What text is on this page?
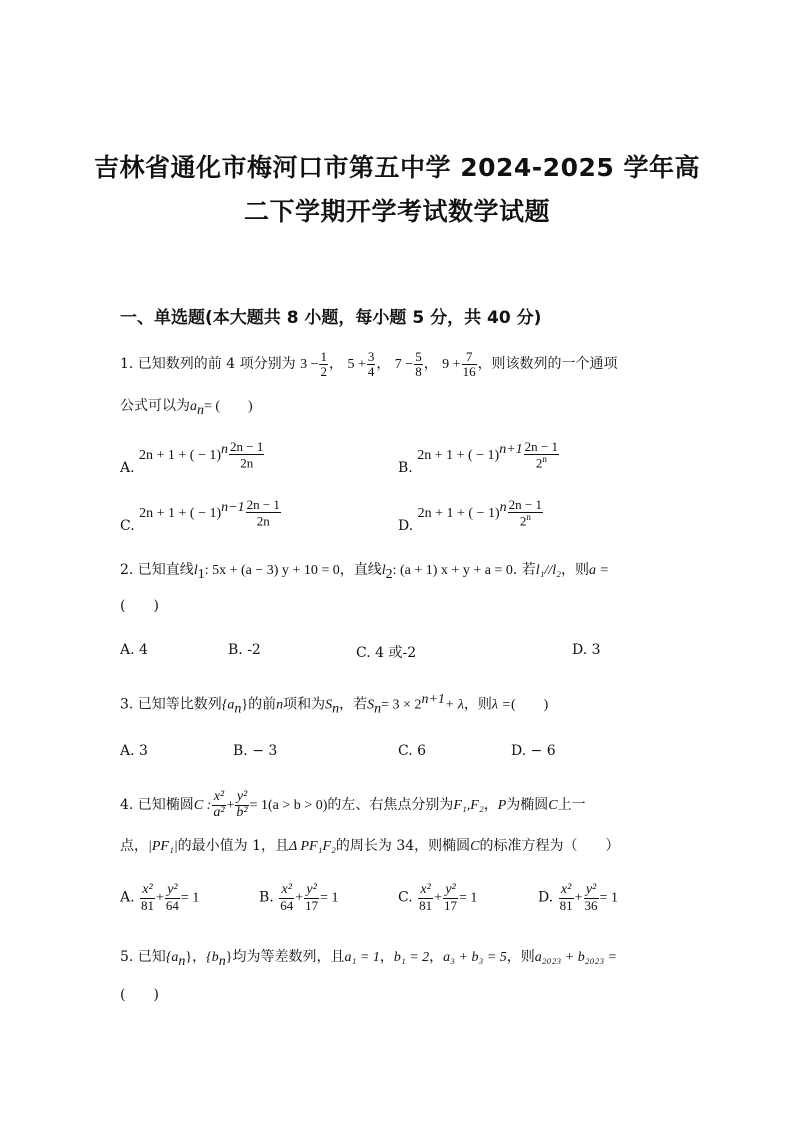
吉林省通化市梅河口市第五中学 2024-2025 学年高
二下学期开学考试数学试题
一、单选题(本大题共 8 小题，每小题 5 分，共 40 分)
1. 已知数列的前 4 项分别为 $3 - \frac{1}{2}$ ， $5 + \frac{3}{4}$ ， $7 - \frac{5}{8}$ ， $9 + \frac{7}{16}$ ，则该数列的一个通项
公式可以为$a_n=$ (　　)
A. 2n + 1 + ( − $1)^n \frac{2n - 1}{2n}$	B. 2n + 1 + ( − $1)^{n+1} \frac{2n - 1}{2^n}$
C. 2n + 1 + ( − $1)^{n-1} \frac{2n - 1}{2n}$	D. 2n + 1 + ( − $1)^n \frac{2n - 1}{2^n}$
2. 已知直线$l_1$: 5x + (a − 3) y + 10 = 0，直线$l_2$: (a + 1) x + y + a = 0. 若l₁//l₂，则a =
(　　)
A. 4	B. -2	C. 4 或-2	D. 3
3. 已知等比数列$\{a_n\}$的前n项和为$S_n$，若$S_n= 3 \times 2^{n+1}+ \lambda$，则λ =(　　)
A. 3	B. − 3	C. 6	D. − 6
4. 已知椭圆C : $\frac{\text{x²}}{\text{a²}} + \frac{\text{y²}}{\text{b²}} = 1(a > b > 0)$的左、右焦点分别为F₁,F₂，P为椭圆C上一
点，|PF₁|的最小值为 1，且Δ PF₁F₂的周长为 34，则椭圆C的标准方程为（　　）
A. $\frac{\text{x²}}{81} + \frac{\text{y²}}{64} = 1$	B. $\frac{\text{x²}}{64} + \frac{\text{y²}}{17} = 1$	C. $\frac{\text{x²}}{81} + \frac{\text{y²}}{17} = 1$	D. $\frac{\text{x²}}{81} + \frac{\text{y²}}{36} = 1$
5. 已知$\{a_n\}$，$\{b_n\}$均为等差数列，且a₁ = 1，b₁ = 2，a₃ + b₃ = 5，则a₂₀₂₃ + b₂₀₂₃ =
(　　)
